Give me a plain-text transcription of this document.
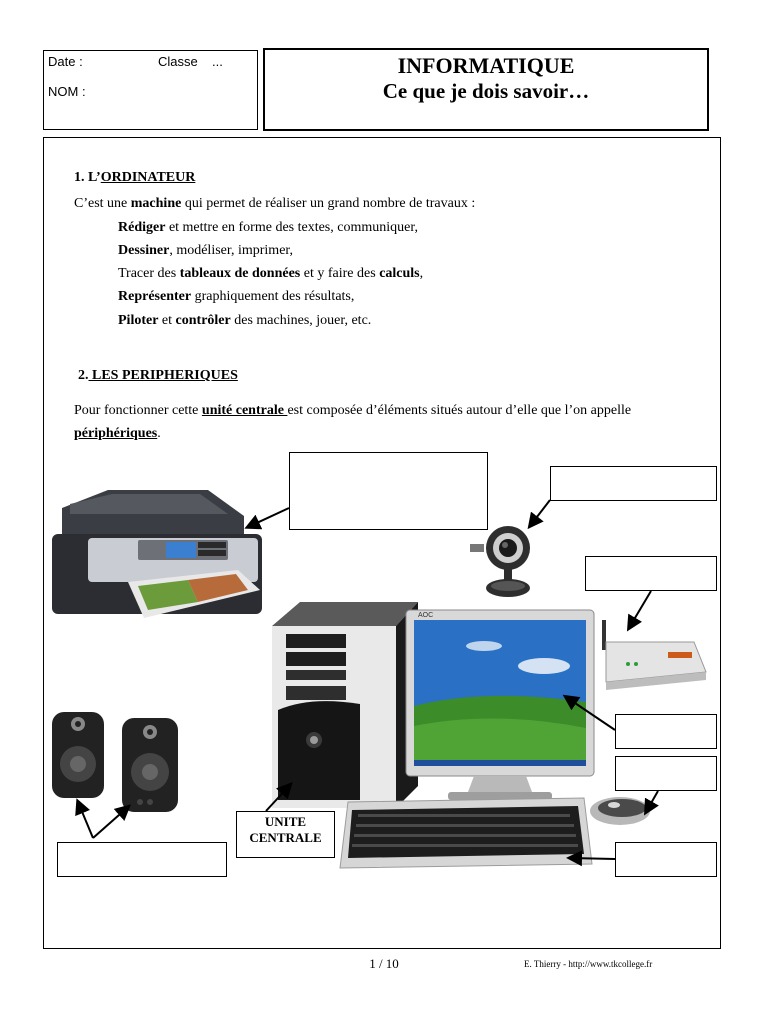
Date :	Classe ...
NOM :
INFORMATIQUE
Ce que je dois savoir…
1. L’ORDINATEUR
C’est une machine qui permet de réaliser un grand nombre de travaux :
Rédiger et mettre en forme des textes, communiquer,
Dessiner, modéliser, imprimer,
Tracer des tableaux de données et y faire des calculs,
Représenter graphiquement des résultats,
Piloter et contrôler des machines, jouer, etc.
2. LES PERIPHERIQUES
Pour fonctionner cette unité centrale est composée d’éléments situés autour d’elle que l’on appelle
périphériques.
AOC
UNITE
CENTRALE
1 / 10	E. Thierry - http://www.tkcollege.fr
